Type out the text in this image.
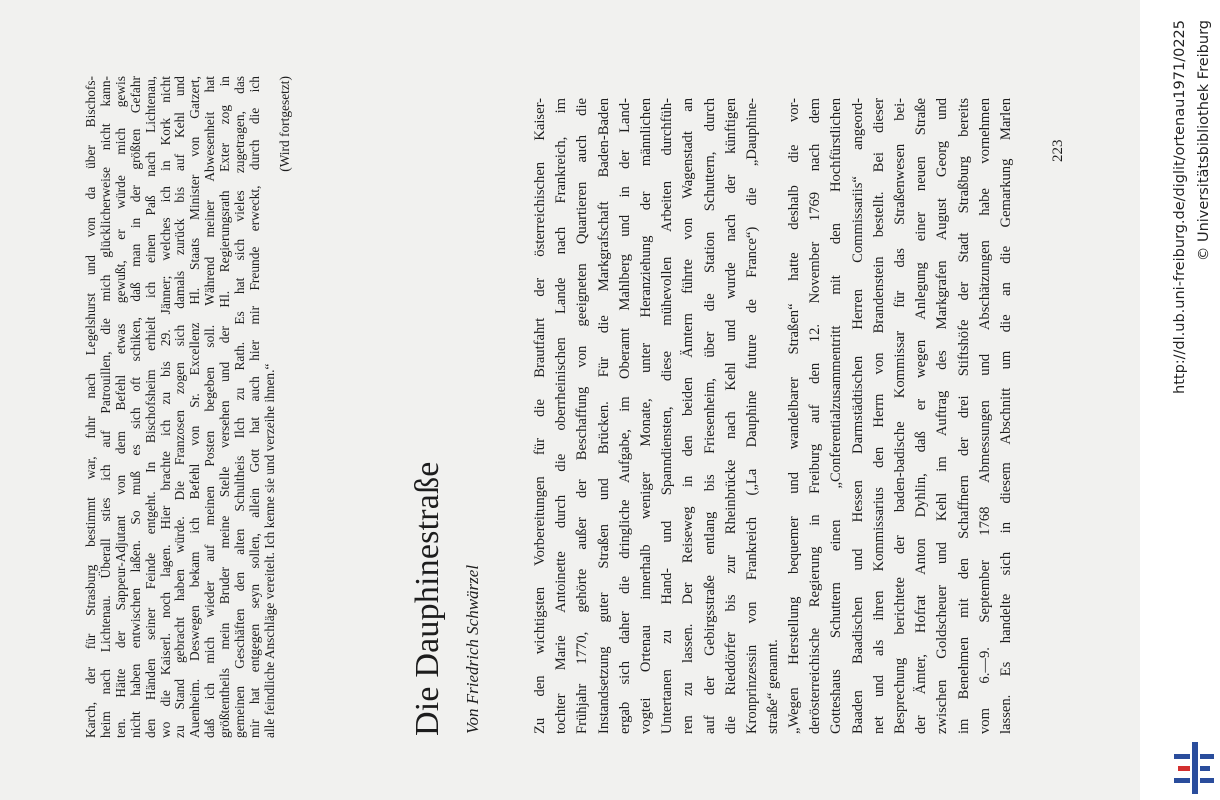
Karch, der für Strasburg bestimmt war, fuhr nach Legelshurst und von da über Bischofs- heim nach Lichtenau. Überall sties ich auf Patrouillen, die mich glücklicherweise nicht kann- ten. Hätte der Sappeur-Adjutant von dem Befehl etwas gewußt, er würde mich gewis nicht haben entwischen laßen. So muß es sich oft schiken, daß man in der größten Gefahr den Händen seiner Feinde entgeht. In Bischofsheim erhielt ich einen Paß nach Lichtenau, wo die Kaiserl. noch lagen. Hier brachte ich zu bis 29. Jänner; welches ich in Kork nicht zu Stand gebracht haben würde. Die Franzosen zogen sich damals zurück bis auf Kehl und Auenheim. Deswegen bekam ich Befehl von Sr. Excellenz Hl. Staats Minister von Gatzert, daß ich mich wieder auf meinen Posten begeben soll. Während meiner Abwesenheit hat größtentheils mein Bruder meine Stelle versehen und der Hl. Regierungsrath Exter zog in gemeinen Geschäften den alten Schultheis Ilch zu Rath. Es hat sich vieles zugetragen, das mir hat entgegen seyn sollen, allein Gott hat auch hier mir Freunde erweckt, durch die ich alle feindliche Anschläge vereitelt. Ich kenne sie und verzeihe ihnen.“
(Wird fortgesetzt)
Die Dauphinestraße Von Friedrich Schwärzel	Zu den wichtigsten Vorbereitungen für die Brautfahrt der österreichischen Kaiser- tochter Marie Antoinette durch die oberrheinischen Lande nach Frankreich, im Frühjahr 1770, gehörte außer der Beschaffung von geeigneten Quartieren auch die Instandsetzung guter Straßen und Brücken. Für die Markgrafschaft Baden-Baden ergab sich daher die dringliche Aufgabe, im Oberamt Mahlberg und in der Land- vogtei Ortenau innerhalb weniger Monate, unter Heranziehung der männlichen Untertanen zu Hand- und Spanndiensten, diese mühevollen Arbeiten durchfüh- ren zu lassen. Der Reiseweg in den beiden Ämtern führte von Wagenstadt an auf der Gebirgsstraße entlang bis Friesenheim, über die Station Schuttern, durch die Rieddörfer bis zur Rheinbrücke nach Kehl und wurde nach der künftigen Kronprinzessin von Frankreich („La Dauphine future de France“) die „Dauphine- straße“ genannt. „Wegen Herstellung bequemer und wandelbarer Straßen“ hatte deshalb die vor- derösterreichische Regierung in Freiburg auf den 12. November 1769 nach dem Gotteshaus Schuttern einen „Conferentialzusammentritt mit den Hochfürstlichen Baaden Baadischen und Hessen Darmstädtischen Herren Commissariis“ angeord- net und als ihren Kommissarius den Herrn von Brandenstein bestellt. Bei dieser Besprechung berichtete der baden-badische Kommissar für das Straßenwesen bei- der Ämter, Hofrat Anton Dyhlin, daß er wegen Anlegung einer neuen Straße zwischen Goldscheuer und Kehl im Auftrag des Markgrafen August Georg und im Benehmen mit den Schaffnern der drei Stiftshöfe der Stadt Straßburg bereits vom 6.—9. September 1768 Abmessungen und Abschätzungen habe vornehmen lassen. Es handelte sich in diesem Abschnitt um die an die Gemarkung Marlen 223	http://dl.ub.uni-freiburg.de/diglit/ortenau1971/0225 © Universitätsbibliothek Freiburg
